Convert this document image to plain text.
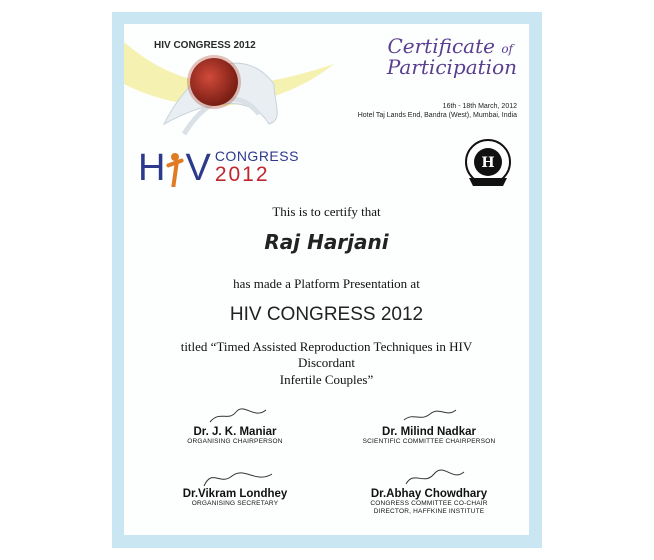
HIV CONGRESS 2012	Certificate of
Participation
16th - 18th March, 2012
Hotel Taj Lands End, Bandra (West), Mumbai, India
H V CONGRESS
2012	H
This is to certify that
Raj Harjani
has made a Platform Presentation at
HIV CONGRESS 2012
titled “Timed Assisted Reproduction Techniques in HIV Discordant
Infertile Couples”
Dr. J. K. Maniar
ORGANISING CHAIRPERSON
Dr. Milind Nadkar
SCIENTIFIC COMMITTEE CHAIRPERSON
Dr.Vikram Londhey
ORGANISING SECRETARY
Dr.Abhay Chowdhary
CONGRESS COMMITTEE CO-CHAIR
DIRECTOR, HAFFKINE INSTITUTE
